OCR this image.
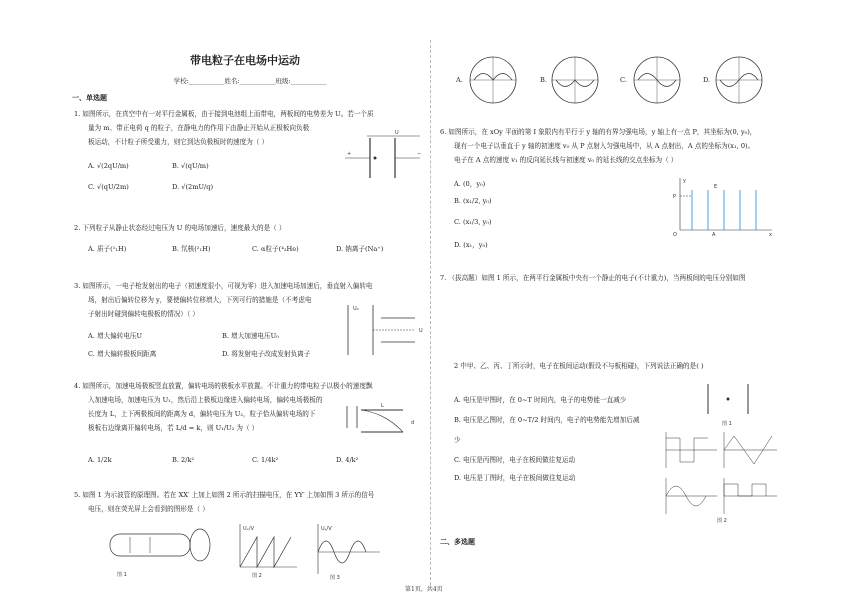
带电粒子在电场中运动
学校:___________姓名:___________班级:___________
一、单选题
1. 如图所示，在真空中有一对平行金属板，由于接到电池组上而带电，两板间的电势差为 U。若一个质
量为 m、带正电荷 q 的粒子，在静电力的作用下由静止开始从正极板向负极
板运动，不计粒子所受重力，则它到达负极板时的速度为（ ）
A. √(2qU/m)	B. √(qU/m)
C. √(qU/2m)	D. √(2mU/q)
U
+	−
2. 下列粒子从静止状态经过电压为 U 的电场加速后，速度最大的是（ ）
A. 质子(¹₁H)	B. 氘核(²₁H)	C. α粒子(⁴₂He)	D. 钠离子(Na⁺)
3. 如图所示，一电子枪发射出的电子（初速度很小，可视为零）进入加速电场加速后，垂直射入偏转电
场，射出后偏转位移为 y，要使偏转位移增大，下列可行的措施是（不考虑电
子射出时碰到偏转电极板的情况）（ ）
A. 增大偏转电压U	B. 增大加速电压U₀
C. 增大偏转极板间距离	D. 将发射电子改成发射负离子
U₀
U
4. 如图所示，加速电场极板竖直放置，偏转电场的极板水平放置。不计重力的带电粒子以极小的速度飘
入加速电场，加速电压为 U₁，然后沿上极板边缘进入偏转电场，偏转电场极板的
长度为 L，上下两极板间的距离为 d，偏转电压为 U₂，粒子恰从偏转电场的下
极板右边缘离开偏转电场，若 L/d = k，则 U₁/U₂ 为（ ）
A. 1/2k	B. 2/k²	C. 1/4k²	D. 4/k²
L
d
5. 如图 1 为示波管的原理图。若在 XX′ 上加上如图 2 所示的扫描电压，在 YY′ 上加如图 3 所示的信号
电压，则在荧光屏上会看到的图形是（ ）
图 1
Uₓ/V
图 2
Uᵧ/V
图 3
A.	B.	C.	D.
6. 如图所示，在 xOy 平面的第 I 象限内有平行于 y 轴的有界匀强电场，y 轴上有一点 P，其坐标为(0, y₀)，
现有一个电子以垂直于 y 轴的初速度 v₀ 从 P 点射入匀强电场中，从 A 点射出，A 点的坐标为(x₁, 0)。
电子在 A 点的速度 v₁ 的反向延长线与初速度 v₀ 的延长线的交点坐标为（ ）
A. (0，y₀)
B. (x₁/2, y₀)
C. (x₁/3, y₀)
D. (x₁，y₀)
P
E
O	A	x
y
7. （拔高题）如图 1 所示，在两平行金属板中央有一个静止的电子(不计重力)，当两板间的电压分别如图
2 中甲、乙、丙、丁所示时，电子在板间运动(假设不与板相碰)，下列说法正确的是( )
A. 电压是甲图时，在 0~T 时间内，电子的电势能一直减少
B. 电压是乙图时，在 0~T/2 时间内，电子的电势能先增加后减
少
C. 电压是丙图时，电子在板间做往复运动
D. 电压是丁图时，电子在板间做往复运动
图 1
图 2
二、多选题
第1页，共4页
